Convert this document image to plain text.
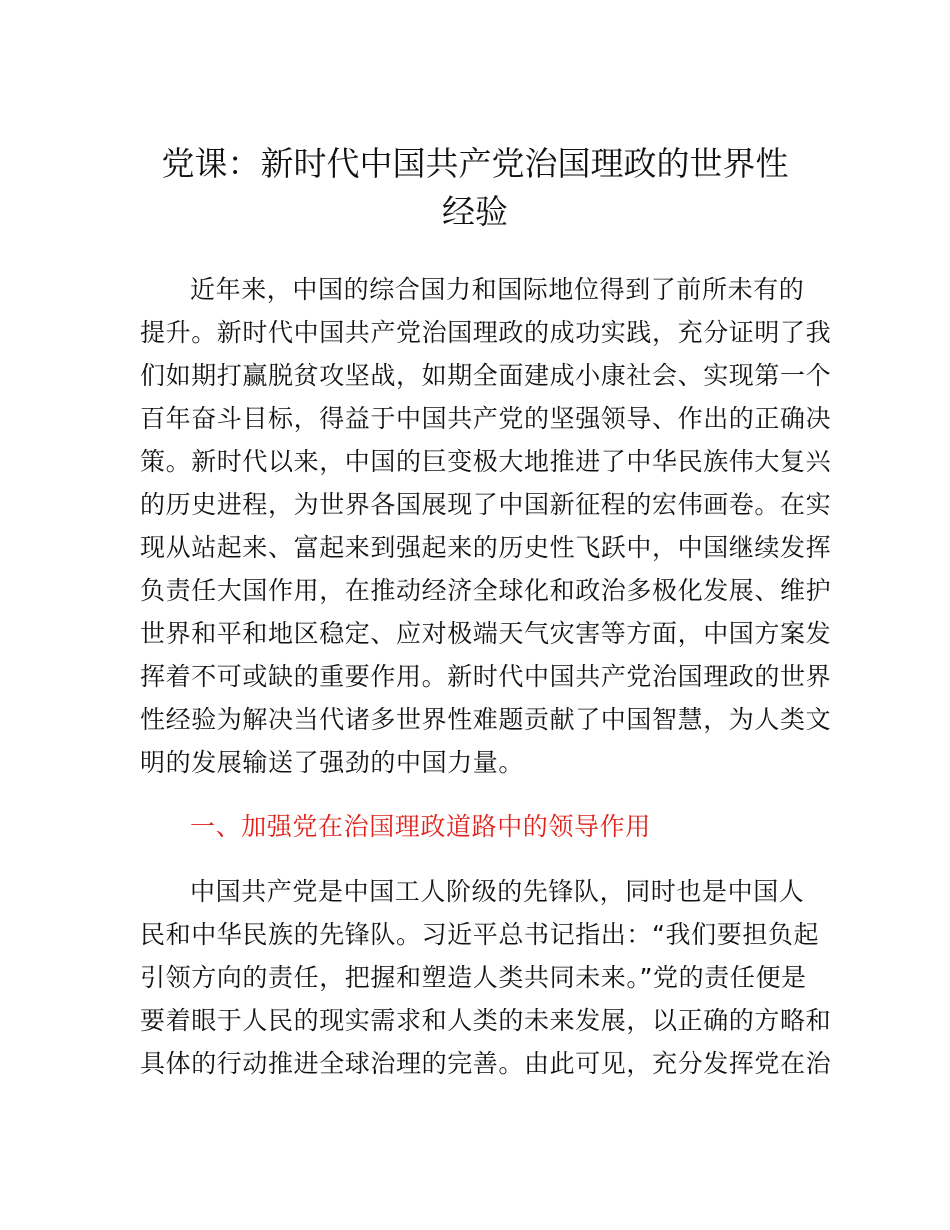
党课：新时代中国共产党治国理政的世界性
经验

近年来，中国的综合国力和国际地位得到了前所未有的

提升。新时代中国共产党治国理政的成功实践，充分证明了我

们如期打赢脱贫攻坚战，如期全面建成小康社会、实现第一个

百年奋斗目标，得益于中国共产党的坚强领导、作出的正确决

策。新时代以来，中国的巨变极大地推进了中华民族伟大复兴

的历史进程，为世界各国展现了中国新征程的宏伟画卷。在实

现从站起来、富起来到强起来的历史性飞跃中，中国继续发挥

负责任大国作用，在推动经济全球化和政治多极化发展、维护

世界和平和地区稳定、应对极端天气灾害等方面，中国方案发

挥着不可或缺的重要作用。新时代中国共产党治国理政的世界

性经验为解决当代诸多世界性难题贡献了中国智慧，为人类文

明的发展输送了强劲的中国力量。

一、加强党在治国理政道路中的领导作用

中国共产党是中国工人阶级的先锋队，同时也是中国人

民和中华民族的先锋队。习近平总书记指出：“我们要担负起

引领方向的责任，把握和塑造人类共同未来。”党的责任便是

要着眼于人民的现实需求和人类的未来发展，以正确的方略和

具体的行动推进全球治理的完善。由此可见，充分发挥党在治
